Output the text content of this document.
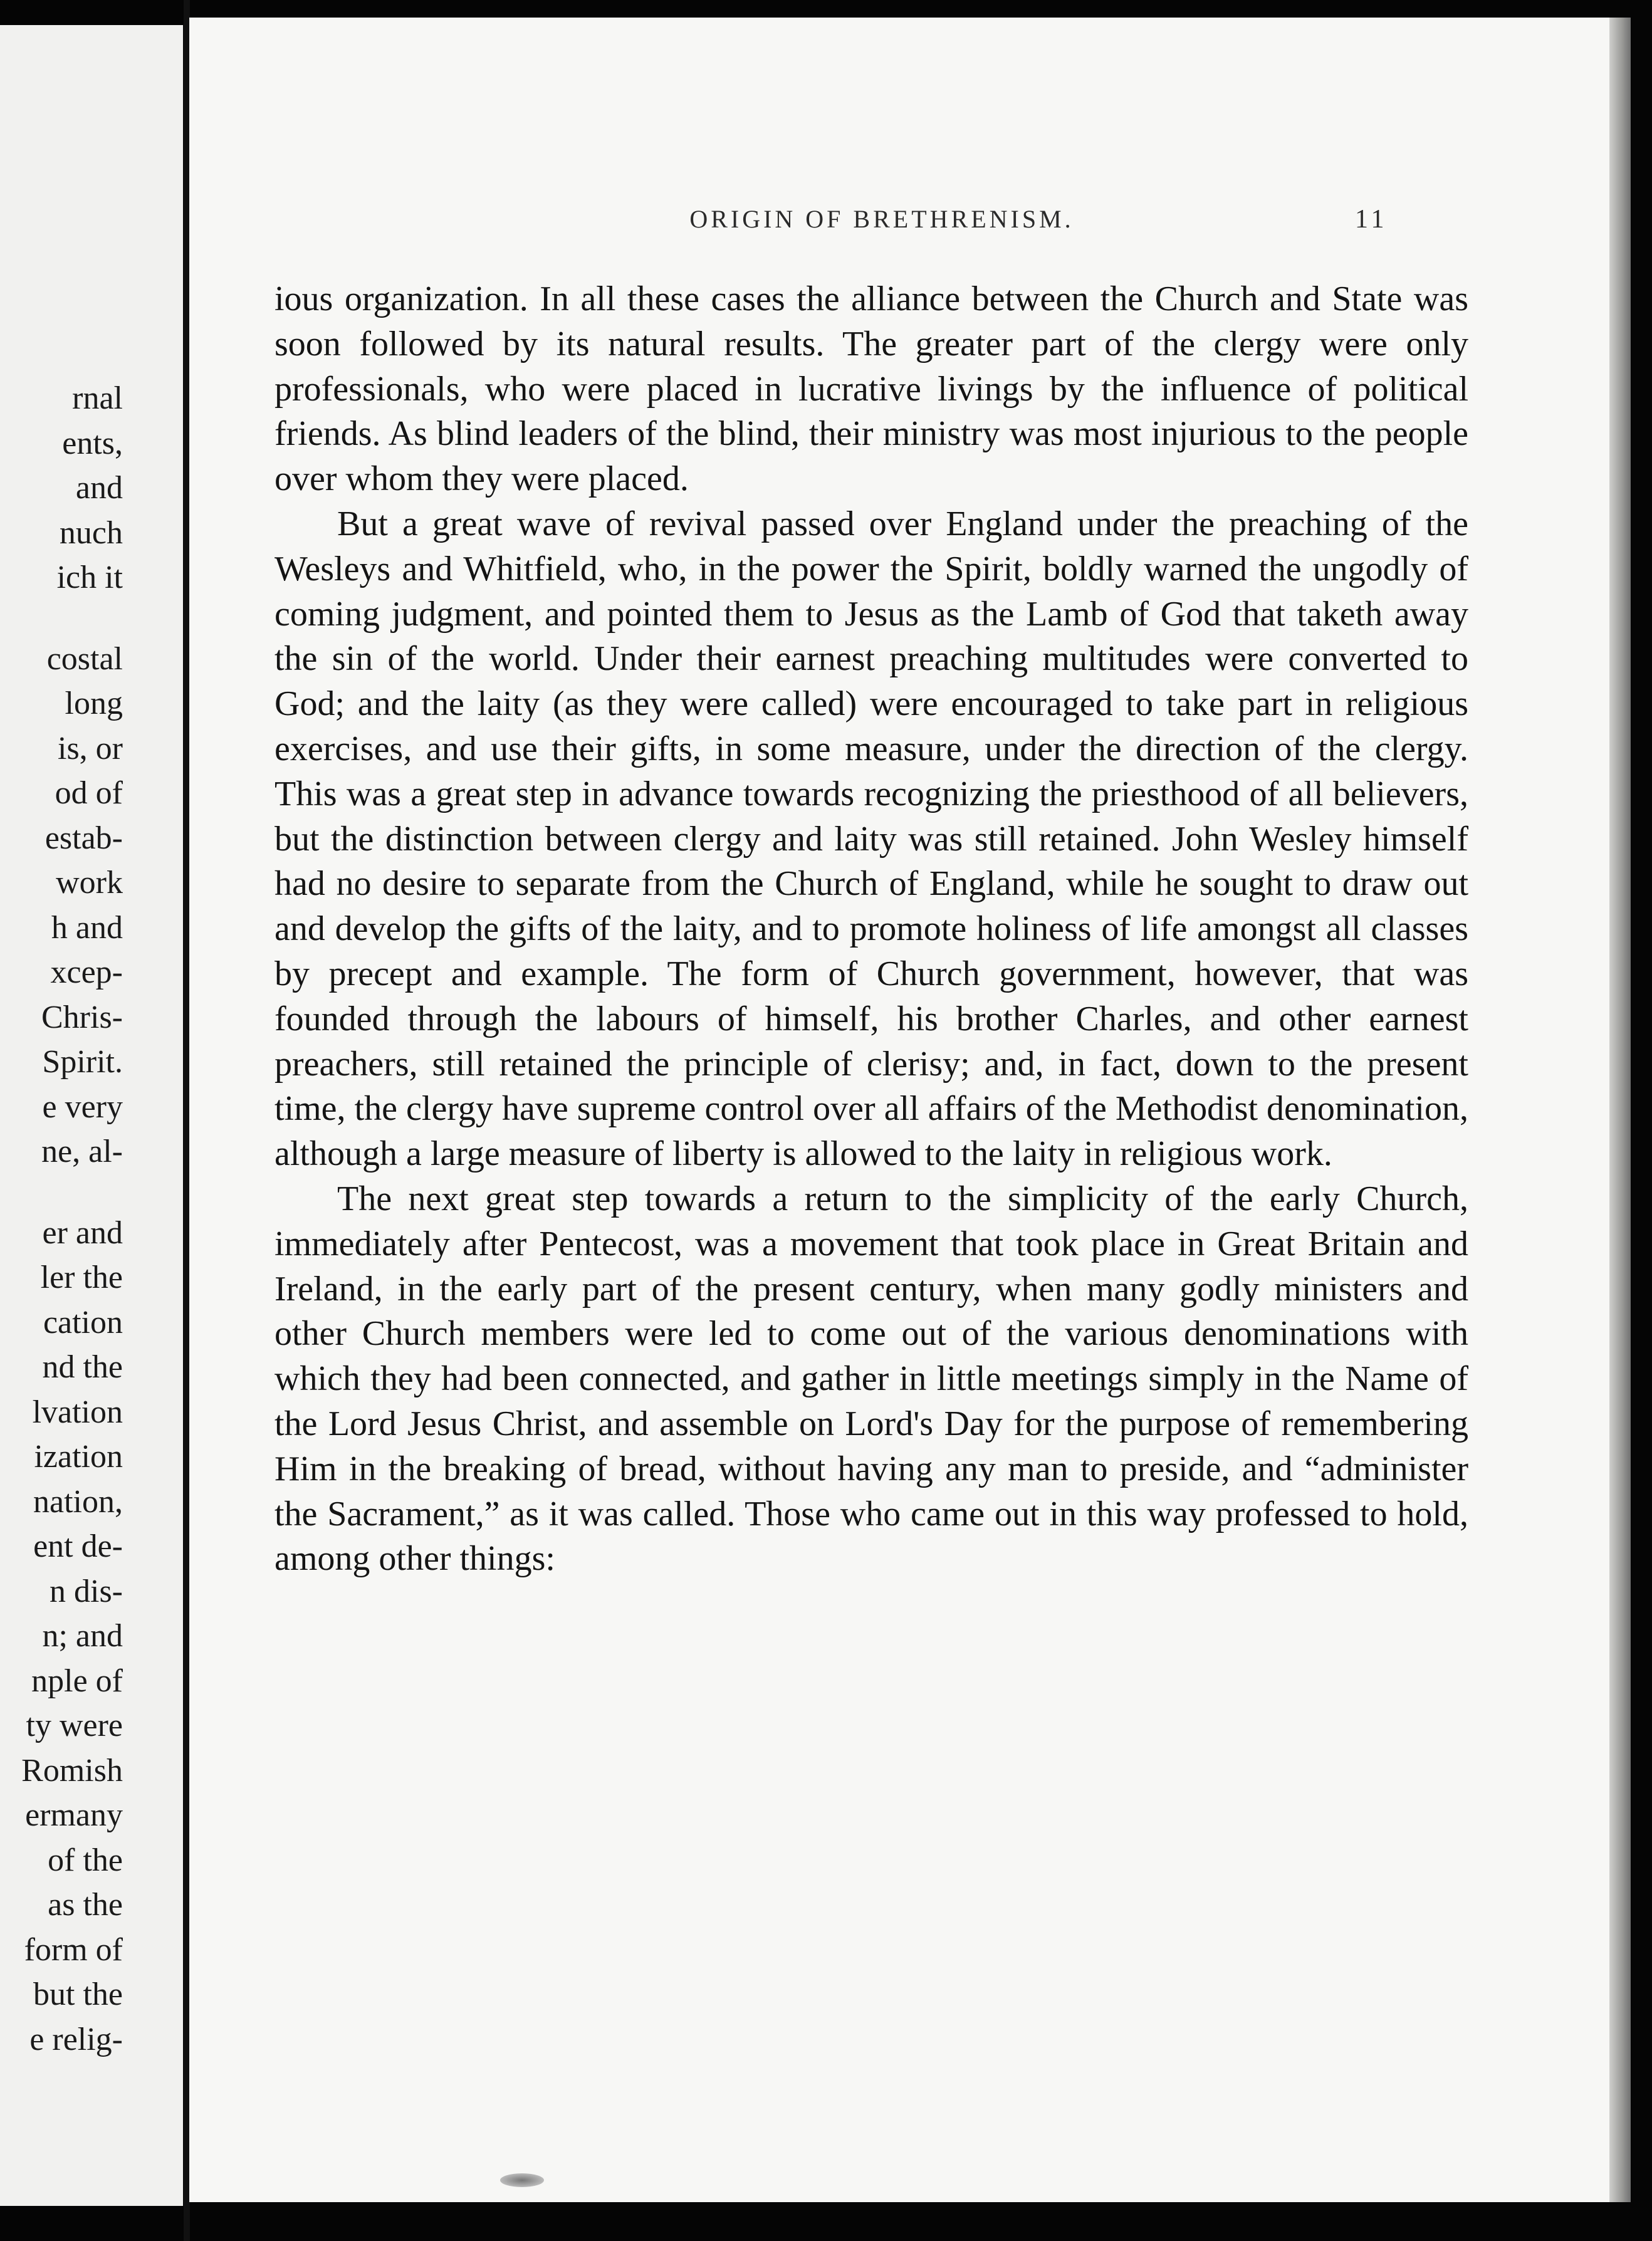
rnal
ents,
and
nuch
ich it
costal
long
is, or
od of
estab-
work
h and
xcep-
Chris-
Spirit.
e very
ne, al-
er and
ler the
cation
nd the
lvation
ization
nation,
ent de-
n dis-
n; and
nple of
ty were
Romish
ermany
of the
as the
form of
but the
e relig-
ORIGIN OF BRETHRENISM.	11

ious organization. In all these cases the alliance between the Church and State was soon followed by its natural results. The greater part of the clergy were only professionals, who were placed in lucrative livings by the influence of political friends. As blind leaders of the blind, their ministry was most injurious to the people over whom they were placed.

But a great wave of revival passed over England under the preaching of the Wesleys and Whitfield, who, in the power the Spirit, boldly warned the ungodly of coming judgment, and pointed them to Jesus as the Lamb of God that taketh away the sin of the world. Under their earnest preaching multitudes were converted to God; and the laity (as they were called) were encouraged to take part in religious exercises, and use their gifts, in some measure, under the direction of the clergy. This was a great step in advance towards recognizing the priesthood of all believers, but the distinction between clergy and laity was still retained. John Wesley himself had no desire to separate from the Church of England, while he sought to draw out and develop the gifts of the laity, and to promote holiness of life amongst all classes by precept and example. The form of Church government, however, that was founded through the labours of himself, his brother Charles, and other earnest preachers, still retained the principle of clerisy; and, in fact, down to the present time, the clergy have supreme control over all affairs of the Methodist denomination, although a large measure of liberty is allowed to the laity in religious work.

The next great step towards a return to the simplicity of the early Church, immediately after Pentecost, was a movement that took place in Great Britain and Ireland, in the early part of the present century, when many godly ministers and other Church members were led to come out of the various denominations with which they had been connected, and gather in little meetings simply in the Name of the Lord Jesus Christ, and assemble on Lord's Day for the purpose of remembering Him in the breaking of bread, without having any man to preside, and “administer the Sacrament,” as it was called. Those who came out in this way professed to hold, among other things:
